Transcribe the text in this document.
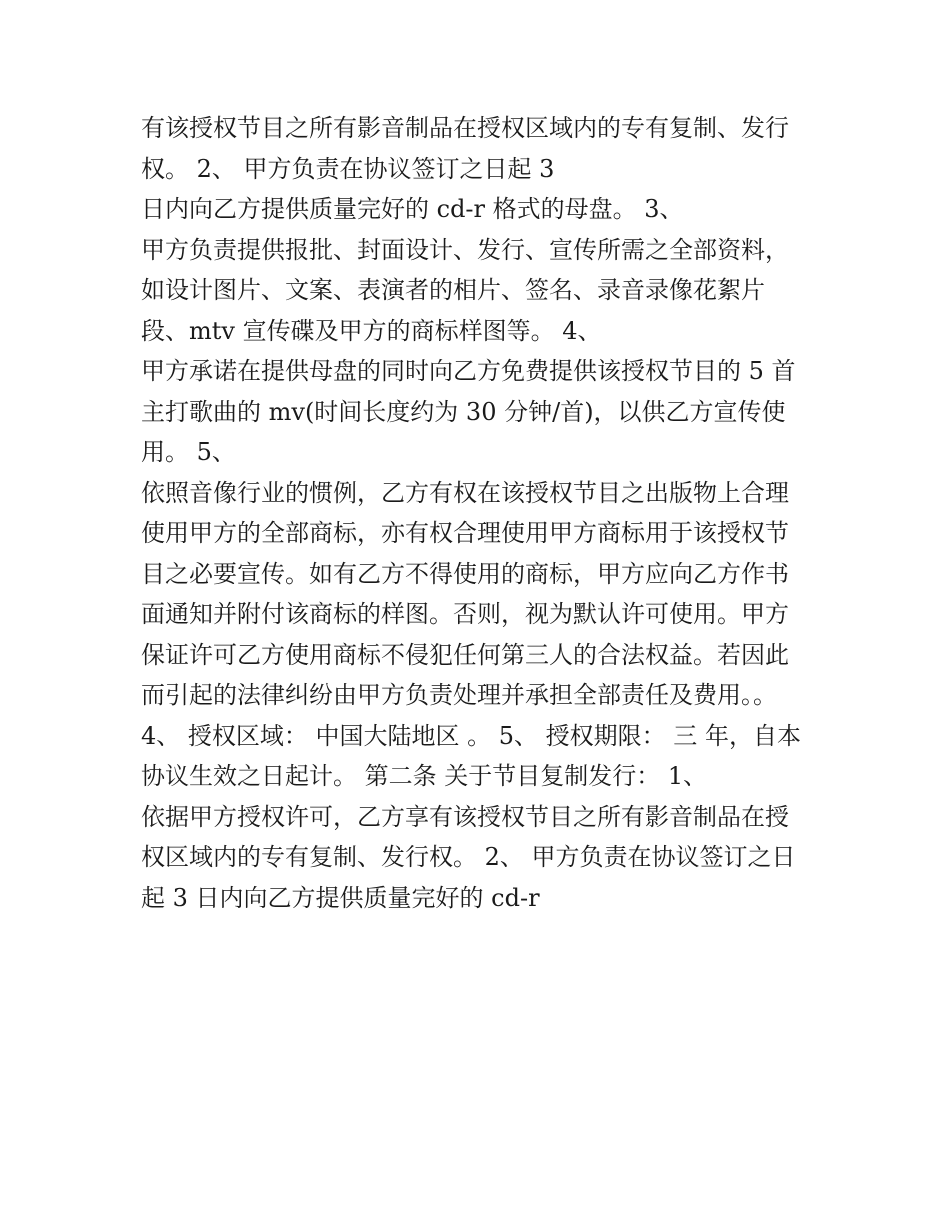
有该授权节目之所有影音制品在授权区域内的专有复制、发行
权。 2、 甲方负责在协议签订之日起 3
日内向乙方提供质量完好的 cd-r 格式的母盘。 3、
甲方负责提供报批、封面设计、发行、宣传所需之全部资料，
如设计图片、文案、表演者的相片、签名、录音录像花絮片
段、mtv 宣传碟及甲方的商标样图等。 4、
甲方承诺在提供母盘的同时向乙方免费提供该授权节目的 5 首
主打歌曲的 mv(时间长度约为 30 分钟/首)，以供乙方宣传使
用。 5、
依照音像行业的惯例，乙方有权在该授权节目之出版物上合理
使用甲方的全部商标，亦有权合理使用甲方商标用于该授权节
目之必要宣传。如有乙方不得使用的商标，甲方应向乙方作书
面通知并附付该商标的样图。否则，视为默认许可使用。甲方
保证许可乙方使用商标不侵犯任何第三人的合法权益。若因此
而引起的法律纠纷由甲方负责处理并承担全部责任及费用。。
4、 授权区域： 中国大陆地区 。 5、 授权期限： 三 年，自本
协议生效之日起计。 第二条 关于节目复制发行： 1、
依据甲方授权许可，乙方享有该授权节目之所有影音制品在授
权区域内的专有复制、发行权。 2、 甲方负责在协议签订之日
起 3 日内向乙方提供质量完好的 cd-r
